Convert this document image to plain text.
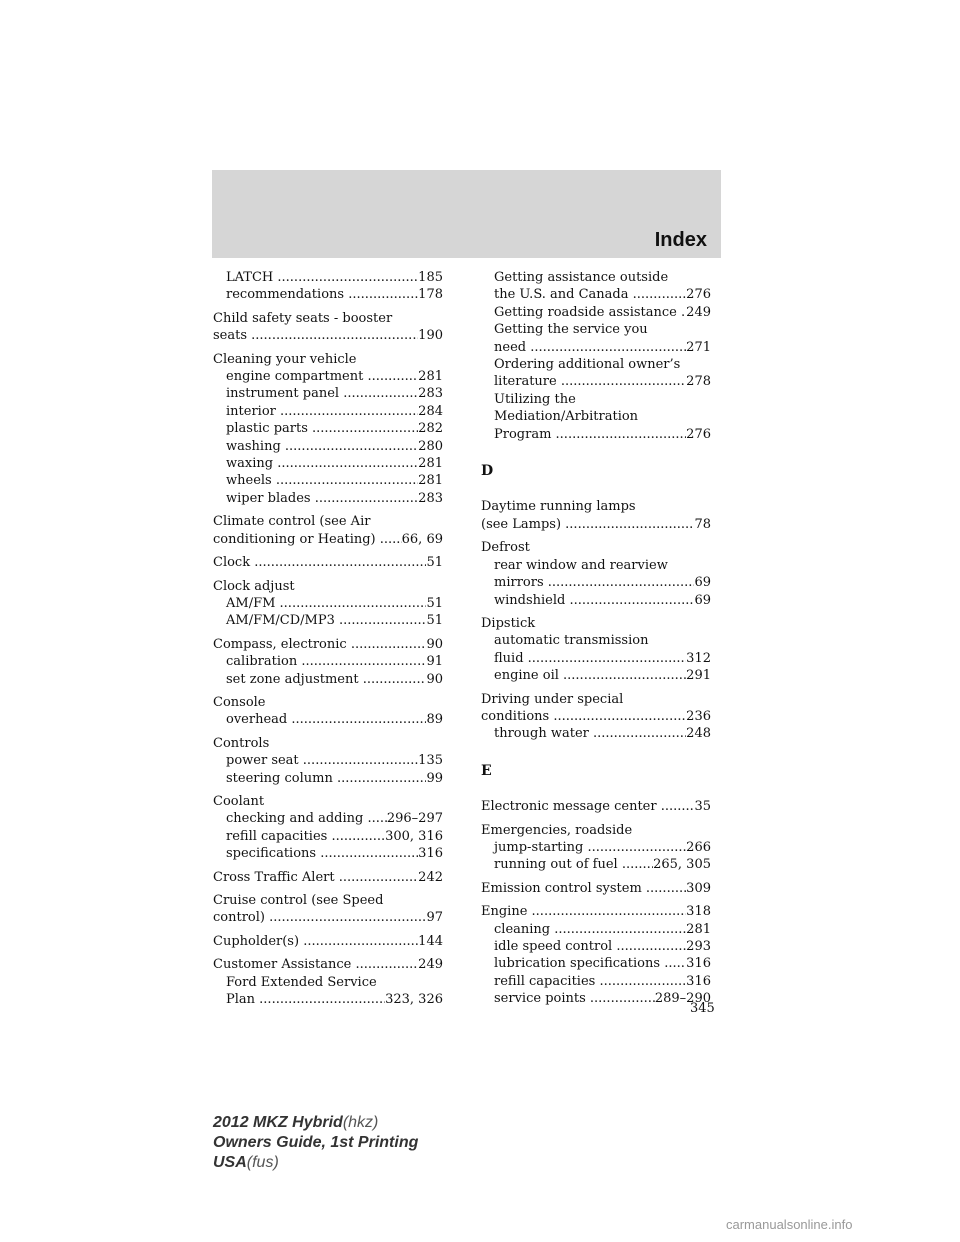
Index
LATCH .....	185
recommendations .....	178
Child safety seats - booster
seats .....	190
Cleaning your vehicle
engine compartment .....	281
instrument panel .....	283
interior .....	284
plastic parts .....	282
washing .....	280
waxing .....	281
wheels .....	281
wiper blades .....	283
Climate control (see Air
conditioning or Heating) ..... 66, 69
Clock .....	51
Clock adjust
AM/FM .....	51
AM/FM/CD/MP3 .....	51
Compass, electronic .....	90
calibration .....	91
set zone adjustment .....	90
Console
overhead .....	89
Controls
power seat .....	135
steering column .....	99
Coolant
checking and adding ..... 296–297
refill capacities .....	300, 316
specifications .....	316
Cross Traffic Alert .....	242
Cruise control (see Speed
control) .....	97
Cupholder(s) .....	144
Customer Assistance .....	249
Ford Extended Service
Plan .....	323, 326
Getting assistance outside
the U.S. and Canada .....	276
Getting roadside assistance ..... 249
Getting the service you
need .....	271
Ordering additional owner’s
literature .....	278
Utilizing the
Mediation/Arbitration
Program .....	276
D
Daytime running lamps
(see Lamps) .....	78
Defrost
rear window and rearview
mirrors .....	69
windshield .....	69
Dipstick
automatic transmission
fluid .....	312
engine oil .....	291
Driving under special
conditions .....	236
through water .....	248
E
Electronic message center .....	35
Emergencies, roadside
jump-starting .....	266
running out of fuel ..... 265, 305
Emission control system .....	309
Engine .....	318
cleaning .....	281
idle speed control .....	293
lubrication specifications ..... 316
refill capacities .....	316
service points .....	289–290
345
2012 MKZ Hybrid(hkz)
Owners Guide, 1st Printing
USA(fus)
carmanualsonline.info
